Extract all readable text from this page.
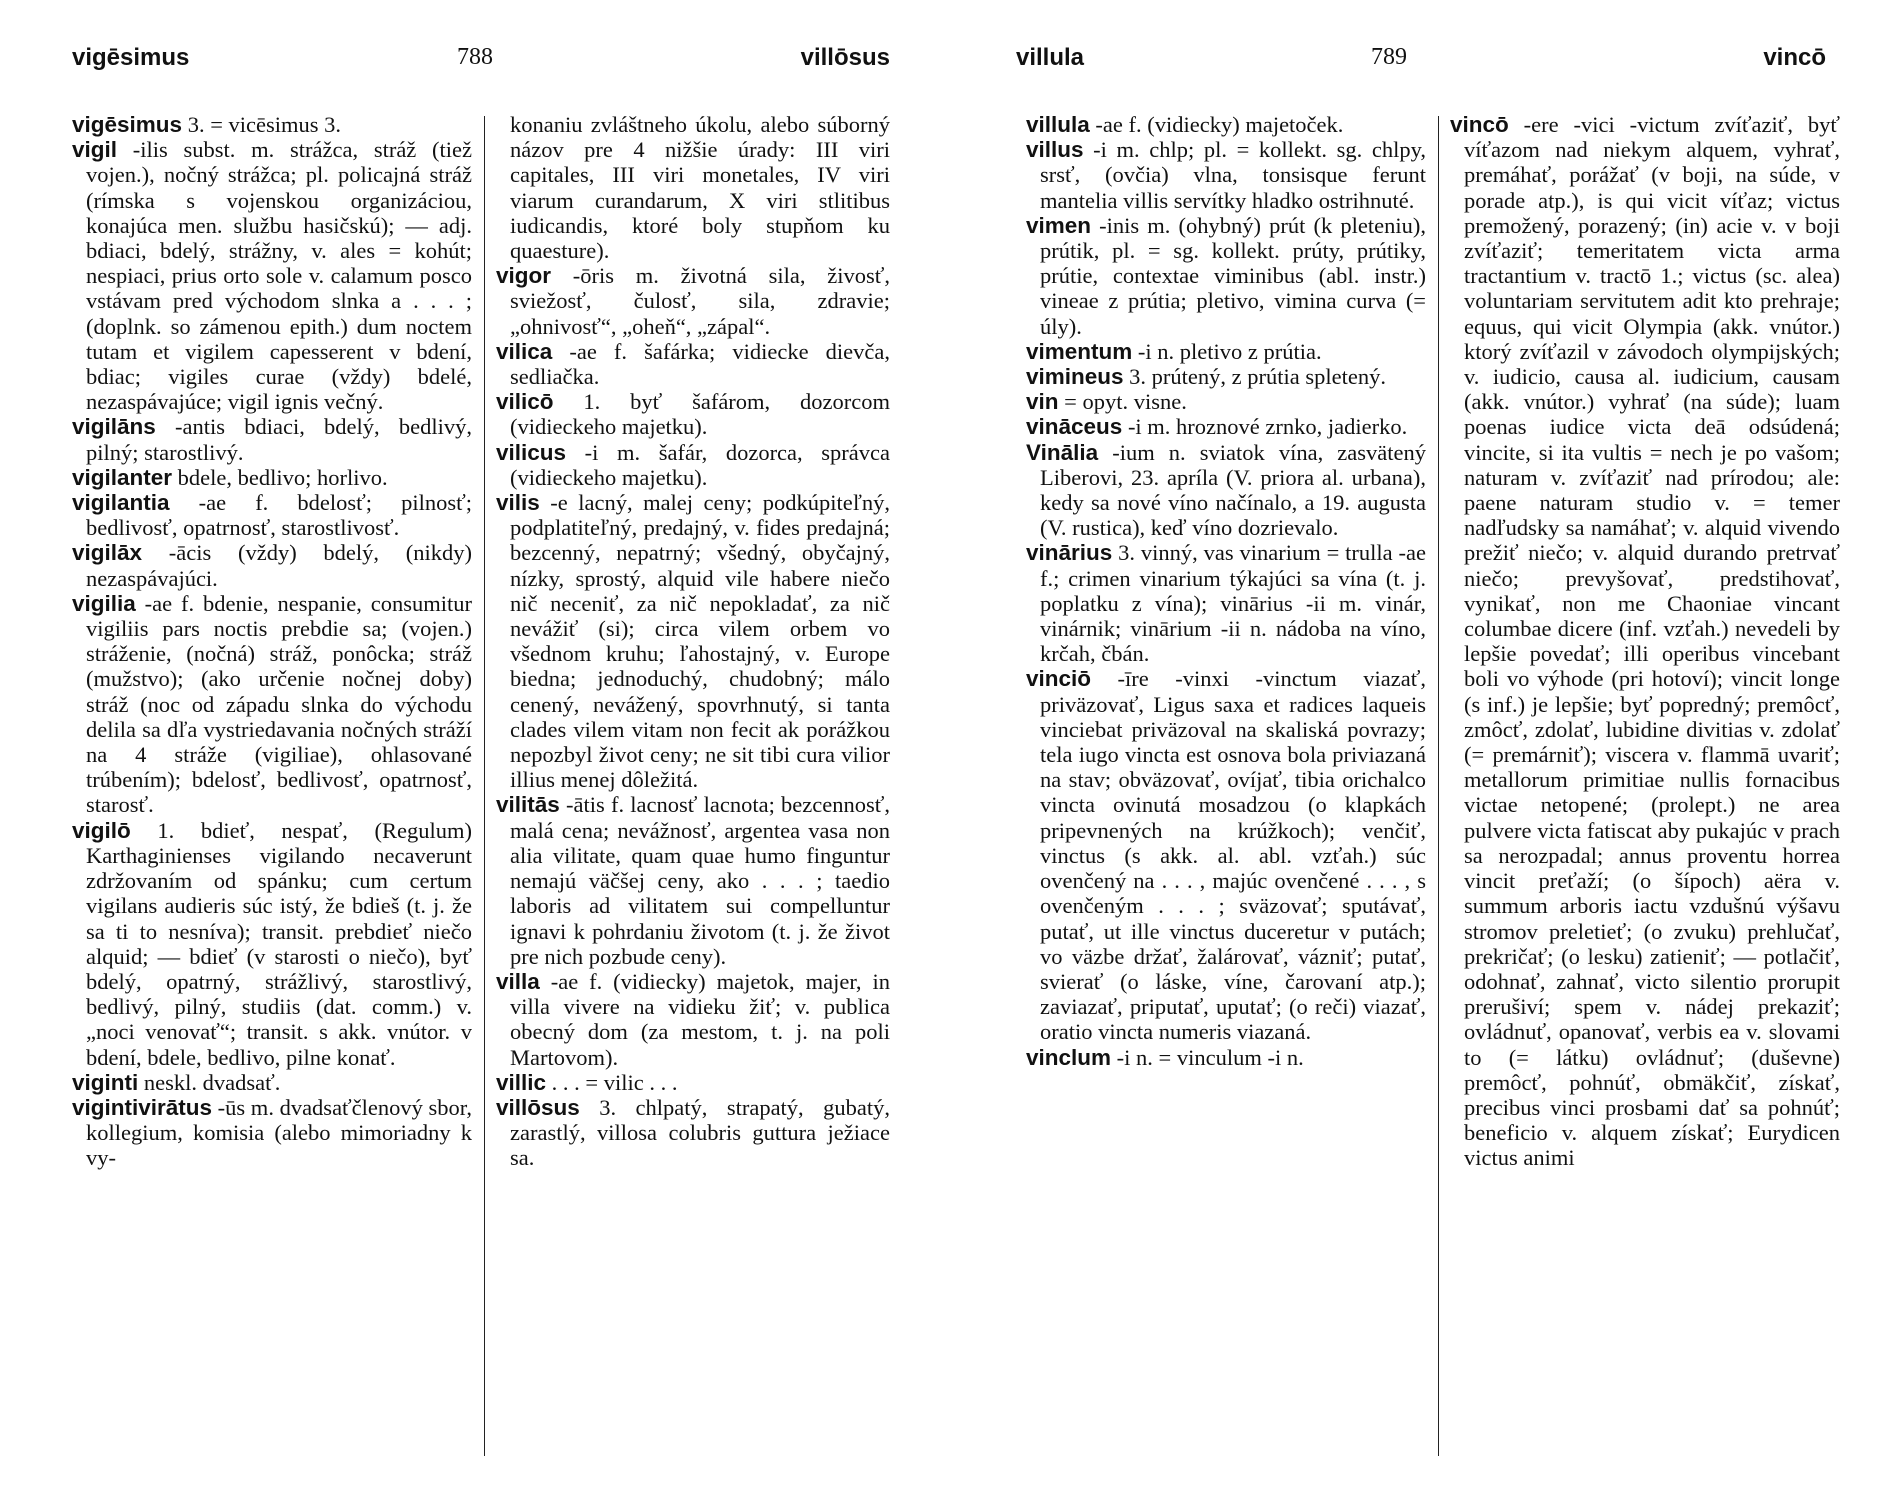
vigēsimus	788	villōsus

vigēsimus 3. = vicēsimus 3.

vigil -ilis subst. m. strážca, stráž (tiež vojen.), nočný strážca; pl. policajná stráž (rímska s vojenskou organizáciou, konajúca men. službu hasičskú); — adj. bdiaci, bdelý, strážny, v. ales = kohút; nespiaci, prius orto sole v. calamum posco vstávam pred východom slnka a . . . ; (doplnk. so zámenou epith.) dum noctem tutam et vigilem capesserent v bdení, bdiac; vigiles curae (vždy) bdelé, nezaspávajúce; vigil ignis večný.

vigilāns -antis bdiaci, bdelý, bedlivý, pilný; starostlivý.

vigilanter bdele, bedlivo; horlivo.

vigilantia -ae f. bdelosť; pilnosť; bedlivosť, opatrnosť, starostlivosť.

vigilāx -ācis (vždy) bdelý, (nikdy) nezaspávajúci.

vigilia -ae f. bdenie, nespanie, consumitur vigiliis pars noctis prebdie sa; (vojen.) stráženie, (nočná) stráž, ponôcka; stráž (mužstvo); (ako určenie nočnej doby) stráž (noc od západu slnka do východu delila sa dľa vystriedavania nočných stráží na 4 stráže (vigiliae), ohlasované trúbením); bdelosť, bedlivosť, opatrnosť, starosť.

vigilō 1. bdieť, nespať, (Regulum) Karthaginienses vigilando necaverunt zdržovaním od spánku; cum certum vigilans audieris súc istý, že bdieš (t. j. že sa ti to nesníva); transit. prebdieť niečo alquid; — bdieť (v starosti o niečo), byť bdelý, opatrný, strážlivý, starostlivý, bedlivý, pilný, studiis (dat. comm.) v. „noci venovať“; transit. s akk. vnútor. v bdení, bdele, bedlivo, pilne konať.

viginti neskl. dvadsať.

vigintivirātus -ūs m. dvadsaťčlenový sbor, kollegium, komisia (alebo mimoriadny k vy-

konaniu zvláštneho úkolu, alebo súborný názov pre 4 nižšie úrady: III viri capitales, III viri monetales, IV viri viarum curandarum, X viri stlitibus iudicandis, ktoré boly stupňom ku quaesture).

vigor -ōris m. životná sila, živosť, sviežosť, čulosť, sila, zdravie; „ohnivosť“, „oheň“, „zápal“.

vilica -ae f. šafárka; vidiecke dievča, sedliačka.

vilicō 1. byť šafárom, dozorcom (vidieckeho majetku).

vilicus -i m. šafár, dozorca, správca (vidieckeho majetku).

vilis -e lacný, malej ceny; podkúpiteľný, podplatiteľný, predajný, v. fides predajná; bezcenný, nepatrný; všedný, obyčajný, nízky, sprostý, alquid vile habere niečo nič neceniť, za nič nepokladať, za nič nevážiť (si); circa vilem orbem vo všednom kruhu; ľahostajný, v. Europe biedna; jednoduchý, chudobný; málo cenený, nevážený, spovrhnutý, si tanta clades vilem vitam non fecit ak porážkou nepozbyl život ceny; ne sit tibi cura vilior illius menej dôležitá.

vilitās -ātis f. lacnosť lacnota; bezcennosť, malá cena; nevážnosť, argentea vasa non alia vilitate, quam quae humo finguntur nemajú väčšej ceny, ako . . . ; taedio laboris ad vilitatem sui compelluntur ignavi k pohrdaniu životom (t. j. že život pre nich pozbude ceny).

villa -ae f. (vidiecky) majetok, majer, in villa vivere na vidieku žiť; v. publica obecný dom (za mestom, t. j. na poli Martovom).

villic . . . = vilic . . .

villōsus 3. chlpatý, strapatý, gubatý, zarastlý, villosa colubris guttura ježiace sa.

villula	789	vincō

villula -ae f. (vidiecky) majetoček.

villus -i m. chlp; pl. = kollekt. sg. chlpy, srsť, (ovčia) vlna, tonsisque ferunt mantelia villis servítky hladko ostrihnuté.

vimen -inis m. (ohybný) prút (k pleteniu), prútik, pl. = sg. kollekt. prúty, prútiky, prútie, contextae viminibus (abl. instr.) vineae z prútia; pletivo, vimina curva (= úly).

vimentum -i n. pletivo z prútia.

vimineus 3. prútený, z prútia spletený.

vin = opyt. visne.

vināceus -i m. hroznové zrnko, jadierko.

Vināliа -ium n. sviatok vína, zasvätený Liberovi, 23. apríla (V. priora al. urbana), kedy sa nové víno načínalo, a 19. augusta (V. rustica), keď víno dozrievalo.

vinārius 3. vinný, vas vinarium = trulla -ae f.; crimen vinarium týkajúci sa vína (t. j. poplatku z vína); vinārius -ii m. vinár, vinárnik; vinārium -ii n. nádoba na víno, krčah, čbán.

vinciō -īre -vinxi -vinctum viazať, priväzovať, Ligus saxa et radices laqueis vinciebat priväzoval na skaliská povrazy; tela iugo vincta est osnova bola priviazaná na stav; obväzovať, ovíjať, tibia orichalco vincta ovinutá mosadzou (o klapkách pripevnených na krúžkoch); venčiť, vinctus (s akk. al. abl. vzťah.) súc ovenčený na . . . , majúc ovenčené . . . , s ovenčeným . . . ; sväzovať; sputávať, putať, ut ille vinctus duceretur v putách; vo väzbe držať, žalárovať, vázniť; putať, svierať (o láske, víne, čarovaní atp.); zaviazať, priputať, uputať; (o reči) viazať, oratio vincta numeris viazaná.

vinclum -i n. = vinculum -i n.

vincō -ere -vici -victum zvíťaziť, byť víťazom nad niekym alquem, vyhrať, premáhať, porážať (v boji, na súde, v porade atp.), is qui vicit víťaz; victus premožený, porazený; (in) acie v. v boji zvíťaziť; temeritatem victa arma tractantium v. tractō 1.; victus (sc. alea) voluntariam servitutem adit kto prehraje; equus, qui vicit Olympia (akk. vnútor.) ktorý zvíťazil v závodoch olympijských; v. iudicio, causa al. iudicium, causam (akk. vnútor.) vyhrať (na súde); luam poenas iudice victa deā odsúdená; vincite, si ita vultis = nech je po vašom; naturam v. zvíťaziť nad prírodou; ale: paene naturam studio v. = temer nadľudsky sa namáhať; v. alquid vivendo prežiť niečo; v. alquid durando pretrvať niečo; prevyšovať, predstihovať, vynikať, non me Chaoniae vincant columbae dicere (inf. vzťah.) nevedeli by lepšie povedať; illi operibus vincebant boli vo výhode (pri hotoví); vincit longe (s inf.) je lepšie; byť popredný; premôcť, zmôcť, zdolať, lubidine divitias v. zdolať (= premárniť); viscera v. flammā uvariť; metallorum primitiae nullis fornacibus victae netopené; (prolept.) ne area pulvere victa fatiscat aby pukajúc v prach sa nerozpadal; annus proventu horrea vincit preťaží; (o šípoch) aëra v. summum arboris iactu vzdušnú výšavu stromov preletieť; (o zvuku) prehlučať, prekričať; (o lesku) zatieniť; — potlačiť, odohnať, zahnať, victo silentio prorupit prerušiví; spem v. nádej prekaziť; ovládnuť, opanovať, verbis ea v. slovami to (= látku) ovládnuť; (duševne) premôcť, pohnúť, obmäkčiť, získať, precibus vinci prosbami dať sa pohnúť; beneficio v. alquem získať; Eurydicen victus animi
